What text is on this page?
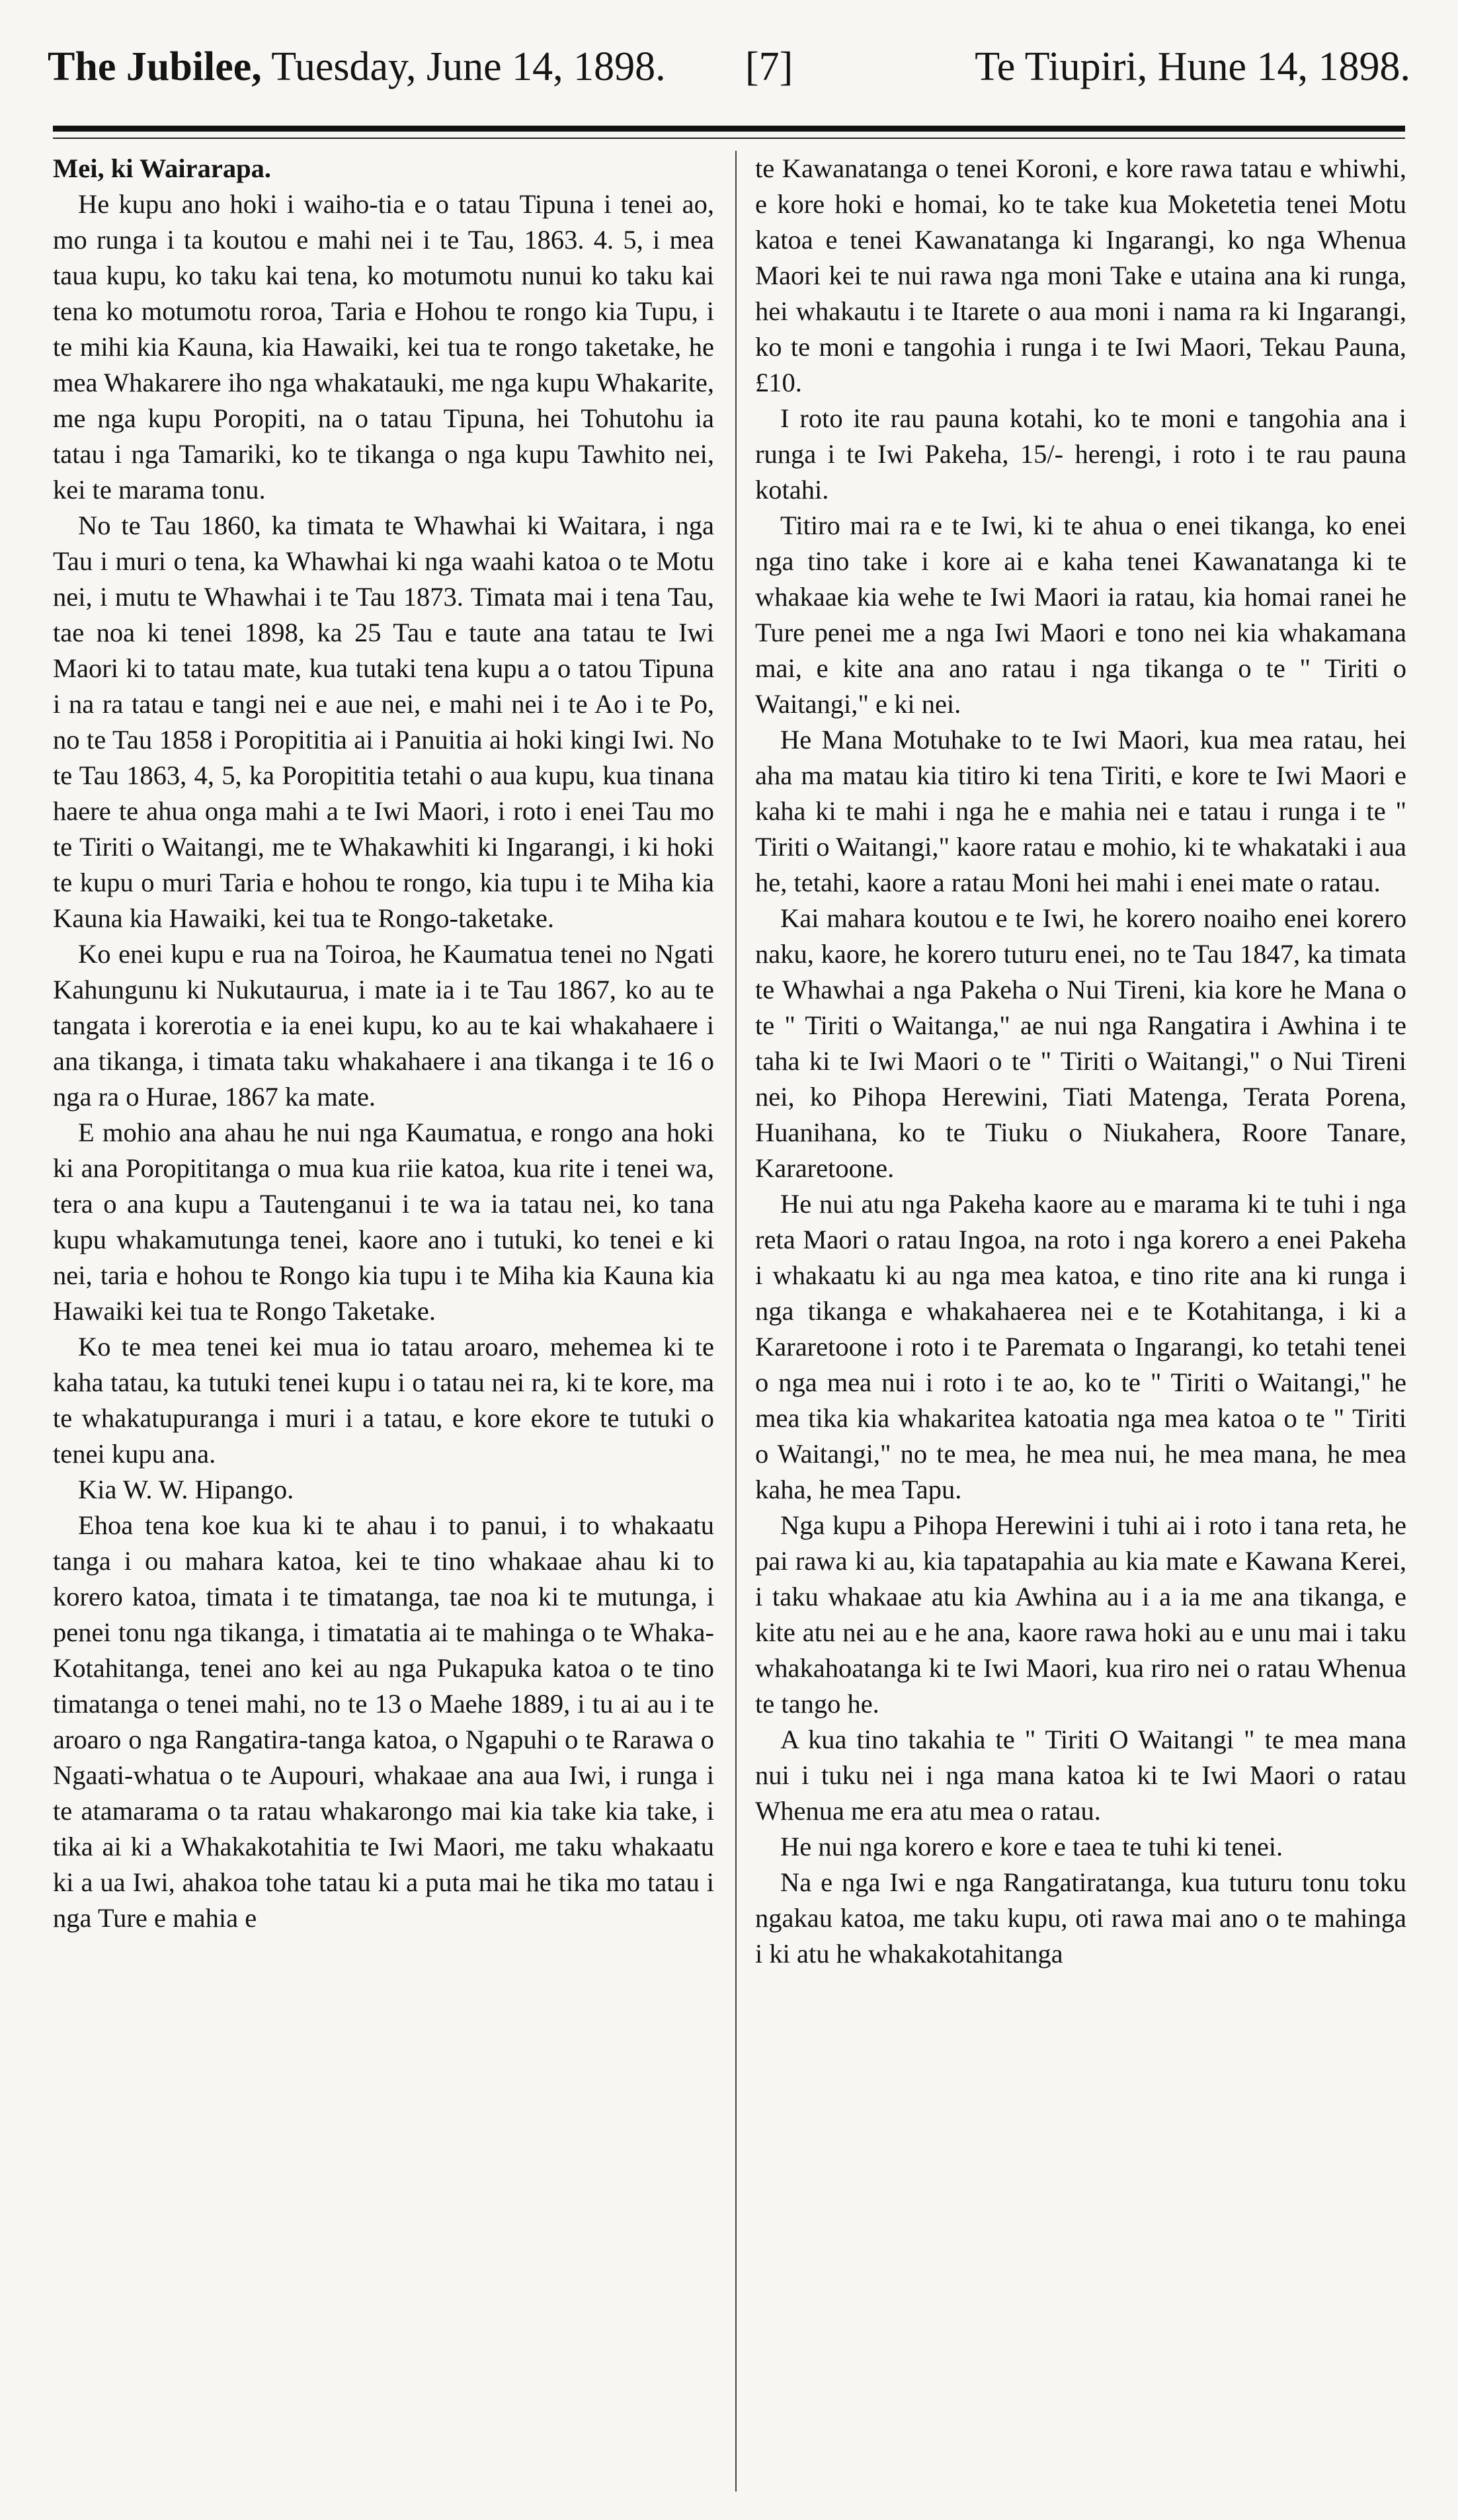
The Jubilee, Tuesday, June 14, 1898. [7]	Te Tiupiri, Hune 14, 1898.

Mei, ki Wairarapa.

He kupu ano hoki i waiho-tia e o tatau Tipuna i tenei ao, mo runga i ta koutou e mahi nei i te Tau, 1863. 4. 5, i mea taua kupu, ko taku kai tena, ko motumotu nunui ko taku kai tena ko motumotu roroa, Taria e Hohou te rongo kia Tupu, i te mihi kia Kauna, kia Hawaiki, kei tua te rongo taketake, he mea Whakarere iho nga whakatauki, me nga kupu Whakarite, me nga kupu Poropiti, na o tatau Tipuna, hei Tohutohu ia tatau i nga Tamariki, ko te tikanga o nga kupu Tawhito nei, kei te marama tonu.

No te Tau 1860, ka timata te Whawhai ki Waitara, i nga Tau i muri o tena, ka Whawhai ki nga waahi katoa o te Motu nei, i mutu te Whawhai i te Tau 1873. Timata mai i tena Tau, tae noa ki tenei 1898, ka 25 Tau e taute ana tatau te Iwi Maori ki to tatau mate, kua tutaki tena kupu a o tatou Tipuna i na ra tatau e tangi nei e aue nei, e mahi nei i te Ao i te Po, no te Tau 1858 i Poropititia ai i Panuitia ai hoki kingi Iwi. No te Tau 1863, 4, 5, ka Poropititia tetahi o aua kupu, kua tinana haere te ahua onga mahi a te Iwi Maori, i roto i enei Tau mo te Tiriti o Waitangi, me te Whakawhiti ki Ingarangi, i ki hoki te kupu o muri Taria e hohou te rongo, kia tupu i te Miha kia Kauna kia Hawaiki, kei tua te Rongo-taketake.

Ko enei kupu e rua na Toiroa, he Kaumatua tenei no Ngati Kahungunu ki Nukutaurua, i mate ia i te Tau 1867, ko au te tangata i korerotia e ia enei kupu, ko au te kai whakahaere i ana tikanga, i timata taku whakahaere i ana tikanga i te 16 o nga ra o Hurae, 1867 ka mate.

E mohio ana ahau he nui nga Kaumatua, e rongo ana hoki ki ana Poropititanga o mua kua riie katoa, kua rite i tenei wa, tera o ana kupu a Tautenganui i te wa ia tatau nei, ko tana kupu whakamutunga tenei, kaore ano i tutuki, ko tenei e ki nei, taria e hohou te Rongo kia tupu i te Miha kia Kauna kia Hawaiki kei tua te Rongo Taketake.

Ko te mea tenei kei mua io tatau aroaro, mehemea ki te kaha tatau, ka tutuki tenei kupu i o tatau nei ra, ki te kore, ma te whakatupuranga i muri i a tatau, e kore ekore te tutuki o tenei kupu ana.

Kia W. W. Hipango.

Ehoa tena koe kua ki te ahau i to panui, i to whakaatu tanga i ou mahara katoa, kei te tino whakaae ahau ki to korero katoa, timata i te timatanga, tae noa ki te mutunga, i penei tonu nga tikanga, i timatatia ai te mahinga o te Whaka-Kotahitanga, tenei ano kei au nga Pukapuka katoa o te tino timatanga o tenei mahi, no te 13 o Maehe 1889, i tu ai au i te aroaro o nga Rangatira-tanga katoa, o Ngapuhi o te Rarawa o Ngaati-whatua o te Aupouri, whakaae ana aua Iwi, i runga i te atamarama o ta ratau whakarongo mai kia take kia take, i tika ai ki a Whakakotahitia te Iwi Maori, me taku whakaatu ki a ua Iwi, ahakoa tohe tatau ki a puta mai he tika mo tatau i nga Ture e mahia e

te Kawanatanga o tenei Koroni, e kore rawa tatau e whiwhi, e kore hoki e homai, ko te take kua Moketetia tenei Motu katoa e tenei Kawanatanga ki Ingarangi, ko nga Whenua Maori kei te nui rawa nga moni Take e utaina ana ki runga, hei whakautu i te Itarete o aua moni i nama ra ki Ingarangi, ko te moni e tangohia i runga i te Iwi Maori, Tekau Pauna, £10.

I roto ite rau pauna kotahi, ko te moni e tangohia ana i runga i te Iwi Pakeha, 15/- herengi, i roto i te rau pauna kotahi.

Titiro mai ra e te Iwi, ki te ahua o enei tikanga, ko enei nga tino take i kore ai e kaha tenei Kawanatanga ki te whakaae kia wehe te Iwi Maori ia ratau, kia homai ranei he Ture penei me a nga Iwi Maori e tono nei kia whakamana mai, e kite ana ano ratau i nga tikanga o te " Tiriti o Waitangi," e ki nei.

He Mana Motuhake to te Iwi Maori, kua mea ratau, hei aha ma matau kia titiro ki tena Tiriti, e kore te Iwi Maori e kaha ki te mahi i nga he e mahia nei e tatau i runga i te " Tiriti o Waitangi," kaore ratau e mohio, ki te whakataki i aua he, tetahi, kaore a ratau Moni hei mahi i enei mate o ratau.

Kai mahara koutou e te Iwi, he korero noaiho enei korero naku, kaore, he korero tuturu enei, no te Tau 1847, ka timata te Whawhai a nga Pakeha o Nui Tireni, kia kore he Mana o te " Tiriti o Waitanga," ae nui nga Rangatira i Awhina i te taha ki te Iwi Maori o te " Tiriti o Waitangi," o Nui Tireni nei, ko Pihopa Herewini, Tiati Matenga, Terata Porena, Huanihana, ko te Tiuku o Niukahera, Roore Tanare, Kararetoone.

He nui atu nga Pakeha kaore au e marama ki te tuhi i nga reta Maori o ratau Ingoa, na roto i nga korero a enei Pakeha i whakaatu ki au nga mea katoa, e tino rite ana ki runga i nga tikanga e whakahaerea nei e te Kotahitanga, i ki a Kararetoone i roto i te Paremata o Ingarangi, ko tetahi tenei o nga mea nui i roto i te ao, ko te " Tiriti o Waitangi," he mea tika kia whakaritea katoatia nga mea katoa o te " Tiriti o Waitangi," no te mea, he mea nui, he mea mana, he mea kaha, he mea Tapu.

Nga kupu a Pihopa Herewini i tuhi ai i roto i tana reta, he pai rawa ki au, kia tapatapahia au kia mate e Kawana Kerei, i taku whakaae atu kia Awhina au i a ia me ana tikanga, e kite atu nei au e he ana, kaore rawa hoki au e unu mai i taku whakahoatanga ki te Iwi Maori, kua riro nei o ratau Whenua te tango he.

A kua tino takahia te " Tiriti O Waitangi " te mea mana nui i tuku nei i nga mana katoa ki te Iwi Maori o ratau Whenua me era atu mea o ratau.

He nui nga korero e kore e taea te tuhi ki tenei.

Na e nga Iwi e nga Rangatiratanga, kua tuturu tonu toku ngakau katoa, me taku kupu, oti rawa mai ano o te mahinga i ki atu he whakakotahitanga
